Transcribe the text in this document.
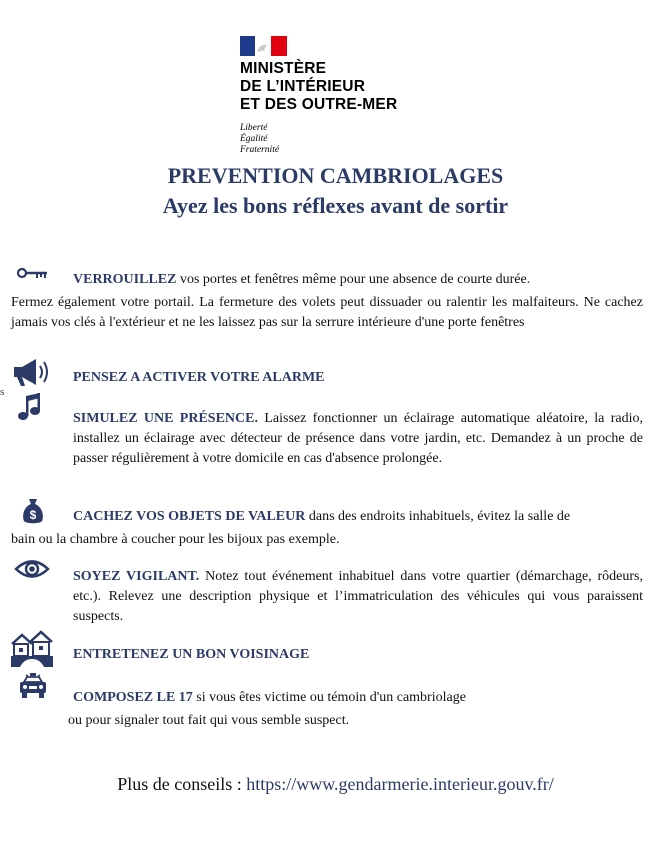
MINISTÈRE
DE L’INTÉRIEUR
ET DES OUTRE-MER
Liberté
Égalité
Fraternité
PREVENTION CAMBRIOLAGES
Ayez les bons réflexes avant de sortir
VERROUILLEZ vos portes et fenêtres même pour une absence de courte durée.
Fermez également votre portail. La fermeture des volets peut dissuader ou ralentir les malfaiteurs. Ne cachez jamais vos clés à l'extérieur et ne les laissez pas sur la serrure intérieure d'une porte fenêtres
s
PENSEZ A ACTIVER VOTRE ALARME
SIMULEZ UNE PRÉSENCE. Laissez fonctionner un éclairage automatique aléatoire, la radio, installez un éclairage avec détecteur de présence dans votre jardin, etc. Demandez à un proche de passer régulièrement à votre domicile en cas d'absence prolongée.
$	CACHEZ VOS OBJETS DE VALEUR dans des endroits inhabituels, évitez la salle de
bain ou la chambre à coucher pour les bijoux pas exemple.
SOYEZ VIGILANT. Notez tout événement inhabituel dans votre quartier (démarchage, rôdeurs, etc.). Relevez une description physique et l’immatriculation des véhicules qui vous paraissent suspects.
ENTRETENEZ UN BON VOISINAGE
COMPOSEZ LE 17 si vous êtes victime ou témoin d'un cambriolage
ou pour signaler tout fait qui vous semble suspect.
Plus de conseils : https://www.gendarmerie.interieur.gouv.fr/
